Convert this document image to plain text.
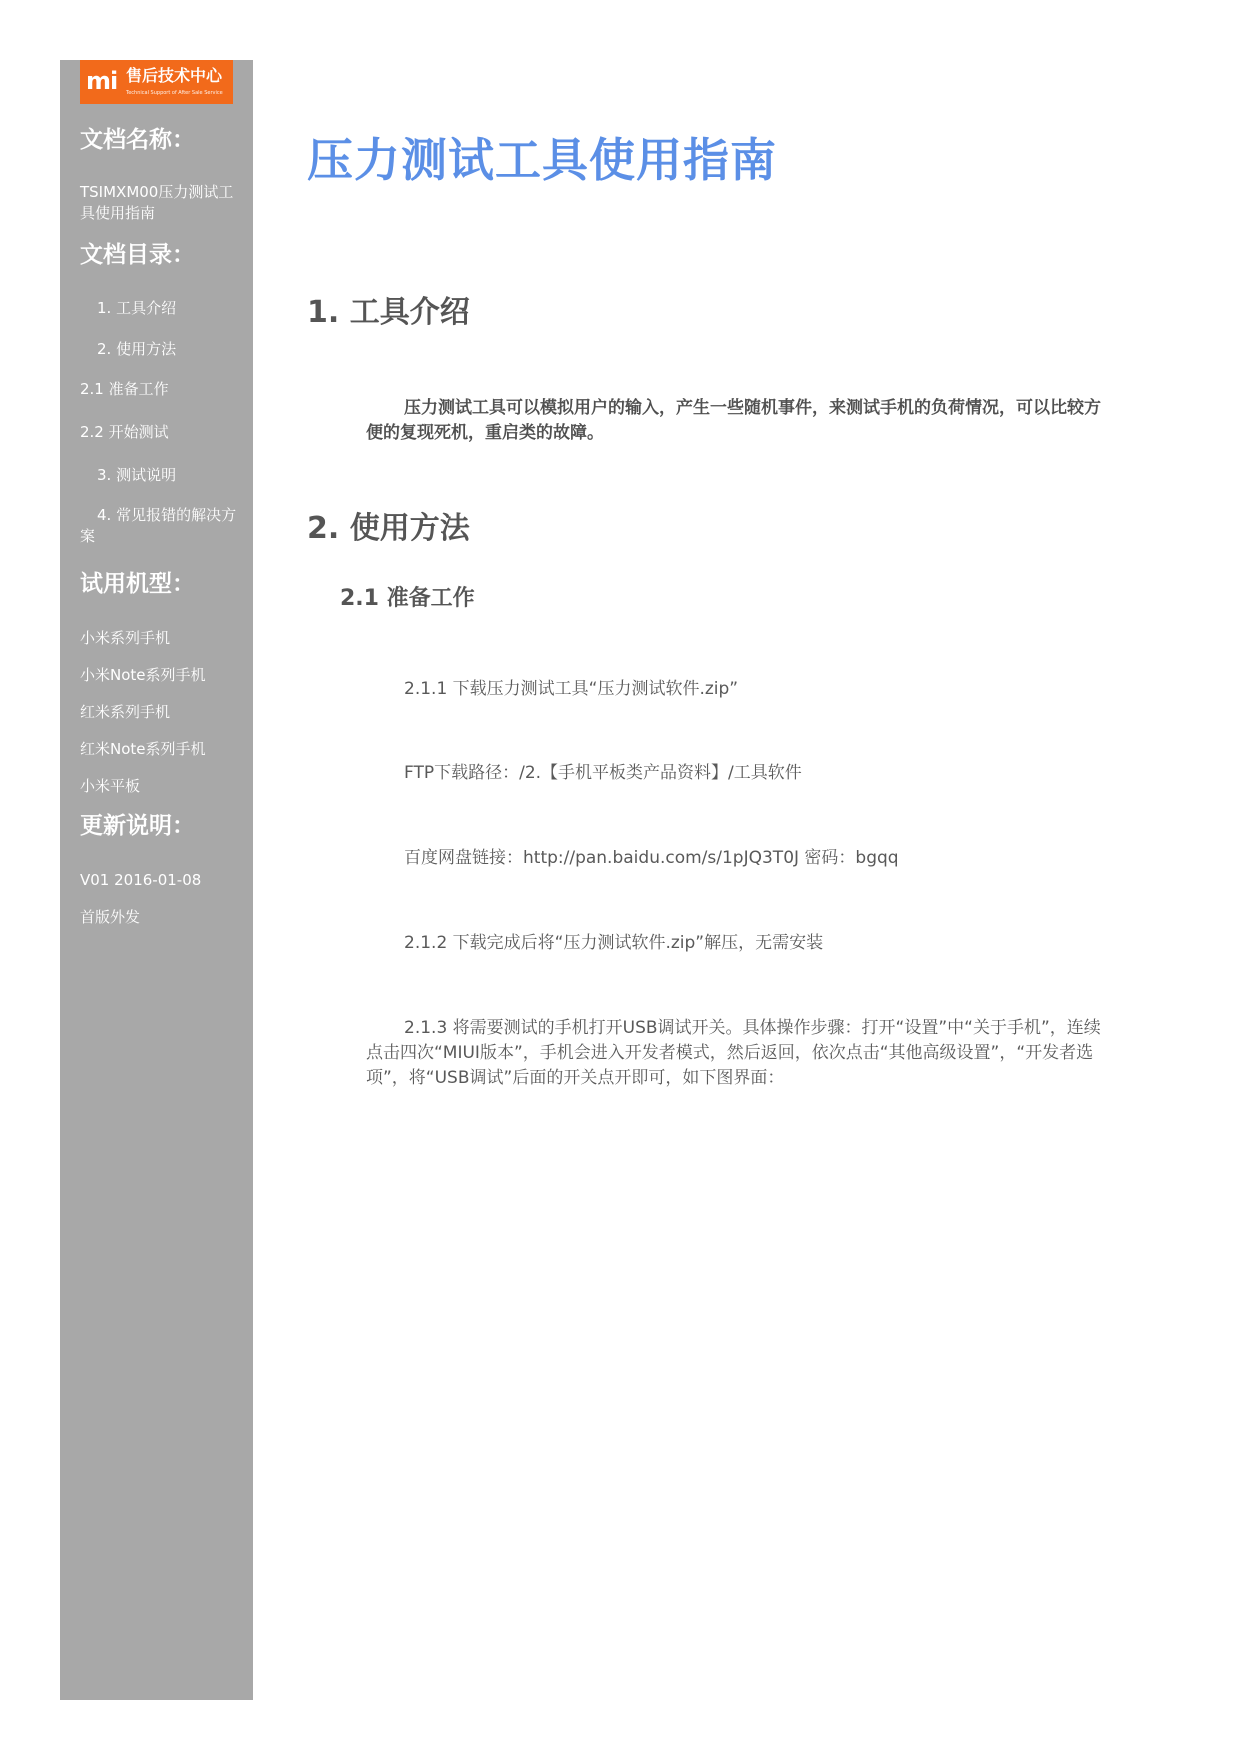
mi 售后技术中心
Technical Support of After Sale Service
文档名称：
TSIMXM00压力测试工具使用指南
文档目录：
1. 工具介绍
2. 使用方法
2.1 准备工作
2.2 开始测试
3. 测试说明
4. 常见报错的解决方案
试用机型：
小米系列手机
小米Note系列手机
红米系列手机
红米Note系列手机
小米平板
更新说明：
V01 2016-01-08
首版外发
压力测试工具使用指南
1. 工具介绍
压力测试工具可以模拟用户的输入，产生一些随机事件，来测试手机的负荷情况，可以比较方便的复现死机，重启类的故障。
2. 使用方法
2.1 准备工作
2.1.1 下载压力测试工具“压力测试软件.zip”
FTP下载路径：/2.【手机平板类产品资料】/工具软件
百度网盘链接：http://pan.baidu.com/s/1pJQ3T0J 密码：bgqq
2.1.2 下载完成后将“压力测试软件.zip”解压，无需安装
2.1.3 将需要测试的手机打开USB调试开关。具体操作步骤：打开“设置”中“关于手机”，连续点击四次“MIUI版本”，手机会进入开发者模式，然后返回，依次点击“其他高级设置”，“开发者选项”，将“USB调试”后面的开关点开即可，如下图界面：
